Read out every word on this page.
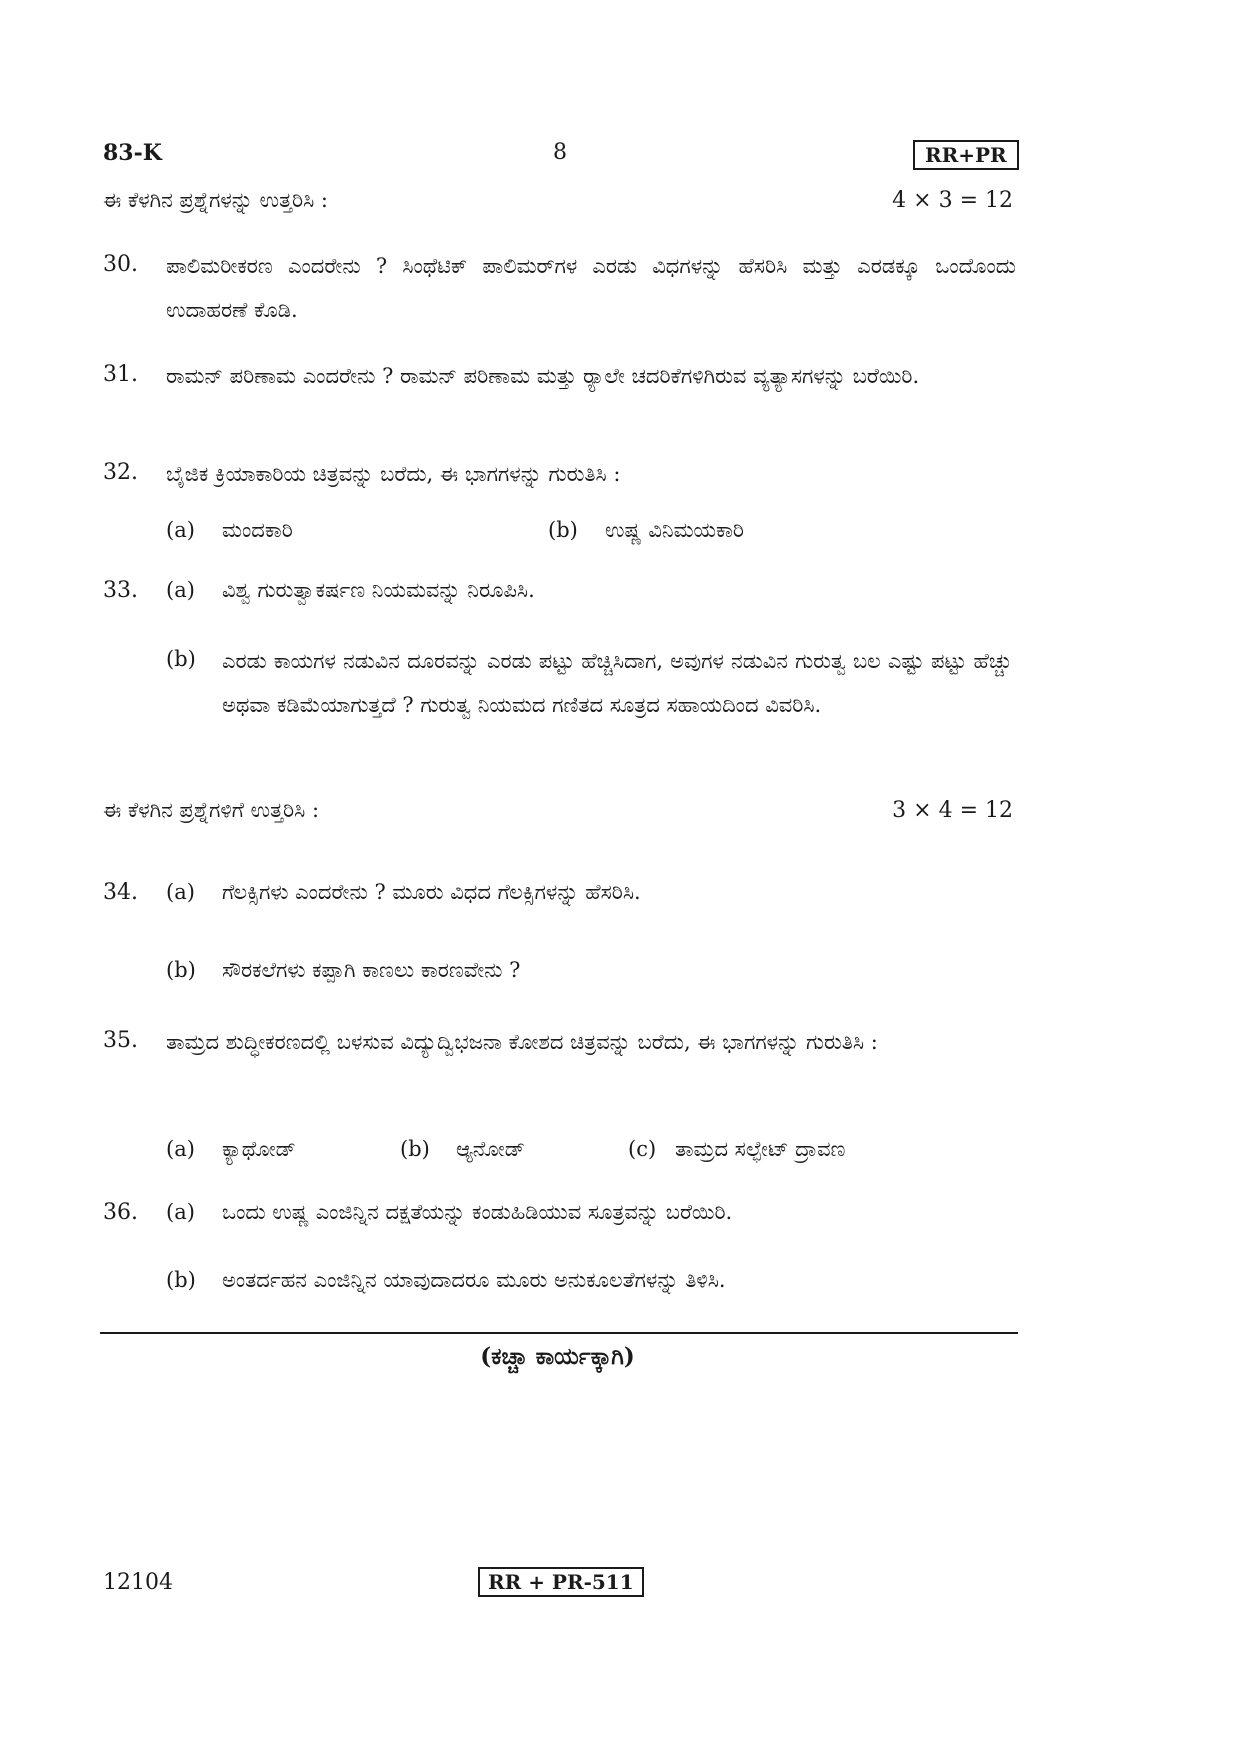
83-K	8	RR+PR
ಈ ಕೆಳಗಿನ ಪ್ರಶ್ನೆಗಳನ್ನು ಉತ್ತರಿಸಿ :	4 × 3 = 12
30. ಪಾಲಿಮರೀಕರಣ ಎಂದರೇನು ? ಸಿಂಥೆಟಿಕ್ ಪಾಲಿಮರ್‌ಗಳ ಎರಡು ವಿಧಗಳನ್ನು ಹೆಸರಿಸಿ ಮತ್ತು ಎರಡಕ್ಕೂ ಒಂದೊಂದು ಉದಾಹರಣೆ ಕೊಡಿ.
31. ರಾಮನ್ ಪರಿಣಾಮ ಎಂದರೇನು ? ರಾಮನ್ ಪರಿಣಾಮ ಮತ್ತು ರ್‍ಯಾಲೇ ಚದರಿಕೆಗಳಿಗಿರುವ ವ್ಯತ್ಯಾಸಗಳನ್ನು ಬರೆಯಿರಿ.
32. ಬೈಜಿಕ ಕ್ರಿಯಾಕಾರಿಯ ಚಿತ್ರವನ್ನು ಬರೆದು, ಈ ಭಾಗಗಳನ್ನು ಗುರುತಿಸಿ :
(a) ಮಂದಕಾರಿ	(b) ಉಷ್ಣ ವಿನಿಮಯಕಾರಿ
33. (a) ವಿಶ್ವ ಗುರುತ್ವಾಕರ್ಷಣ ನಿಯಮವನ್ನು ನಿರೂಪಿಸಿ.
(b) ಎರಡು ಕಾಯಗಳ ನಡುವಿನ ದೂರವನ್ನು ಎರಡು ಪಟ್ಟು ಹೆಚ್ಚಿಸಿದಾಗ, ಅವುಗಳ ನಡುವಿನ ಗುರುತ್ವ ಬಲ ಎಷ್ಟು ಪಟ್ಟು ಹೆಚ್ಚು ಅಥವಾ ಕಡಿಮೆಯಾಗುತ್ತದೆ ? ಗುರುತ್ವ ನಿಯಮದ ಗಣಿತದ ಸೂತ್ರದ ಸಹಾಯದಿಂದ ವಿವರಿಸಿ.
ಈ ಕೆಳಗಿನ ಪ್ರಶ್ನೆಗಳಿಗೆ ಉತ್ತರಿಸಿ :	3 × 4 = 12
34. (a) ಗೆಲಕ್ಸಿಗಳು ಎಂದರೇನು ? ಮೂರು ವಿಧದ ಗೆಲಕ್ಸಿಗಳನ್ನು ಹೆಸರಿಸಿ.
(b) ಸೌರಕಲೆಗಳು ಕಪ್ಪಾಗಿ ಕಾಣಲು ಕಾರಣವೇನು ?
35. ತಾಮ್ರದ ಶುದ್ಧೀಕರಣದಲ್ಲಿ ಬಳಸುವ ವಿದ್ಯುದ್ವಿಭಜನಾ ಕೋಶದ ಚಿತ್ರವನ್ನು ಬರೆದು, ಈ ಭಾಗಗಳನ್ನು ಗುರುತಿಸಿ :
(a) ಕ್ಯಾಥೋಡ್	(b) ಆ್ಯನೋಡ್	(c) ತಾಮ್ರದ ಸಲ್ಫೇಟ್ ದ್ರಾವಣ
36. (a) ಒಂದು ಉಷ್ಣ ಎಂಜಿನ್ನಿನ ದಕ್ಷತೆಯನ್ನು ಕಂಡುಹಿಡಿಯುವ ಸೂತ್ರವನ್ನು ಬರೆಯಿರಿ.
(b) ಅಂತರ್ದಹನ ಎಂಜಿನ್ನಿನ ಯಾವುದಾದರೂ ಮೂರು ಅನುಕೂಲತೆಗಳನ್ನು ತಿಳಿಸಿ.
(ಕಚ್ಚಾ ಕಾರ್ಯಕ್ಕಾಗಿ)
12104	RR + PR-511
